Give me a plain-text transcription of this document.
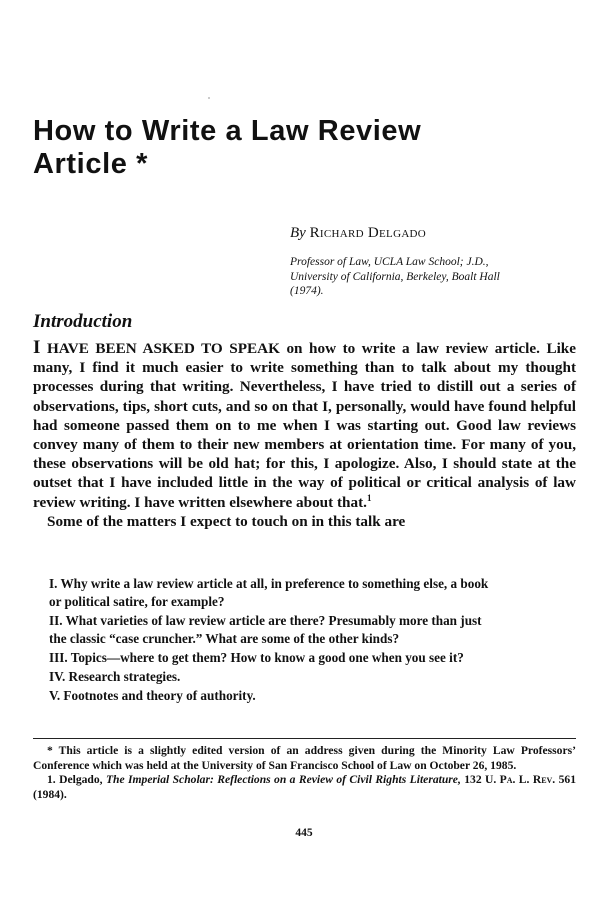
How to Write a Law Review
Article *
By Richard Delgado
Professor of Law, UCLA Law School; J.D., University of California, Berkeley, Boalt Hall (1974).
Introduction

I HAVE BEEN ASKED TO SPEAK on how to write a law review article. Like many, I find it much easier to write something than to talk about my thought processes during that writing. Nevertheless, I have tried to distill out a series of observations, tips, short cuts, and so on that I, personally, would have found helpful had someone passed them on to me when I was starting out. Good law reviews convey many of them to their new members at orientation time. For many of you, these observations will be old hat; for this, I apologize. Also, I should state at the outset that I have included little in the way of political or critical analysis of law review writing. I have written elsewhere about that.$^1$

Some of the matters I expect to touch on in this talk are

I. Why write a law review article at all, in preference to something else, a book or political satire, for example?

II. What varieties of law review article are there? Presumably more than just the classic “case cruncher.” What are some of the other kinds?

III. Topics—where to get them? How to know a good one when you see it?

IV. Research strategies.

V. Footnotes and theory of authority.

* This article is a slightly edited version of an address given during the Minority Law Professors’ Conference which was held at the University of San Francisco School of Law on October 26, 1985.

1. Delgado, The Imperial Scholar: Reflections on a Review of Civil Rights Literature, 132 U. Pa. L. Rev. 561 (1984).

445
